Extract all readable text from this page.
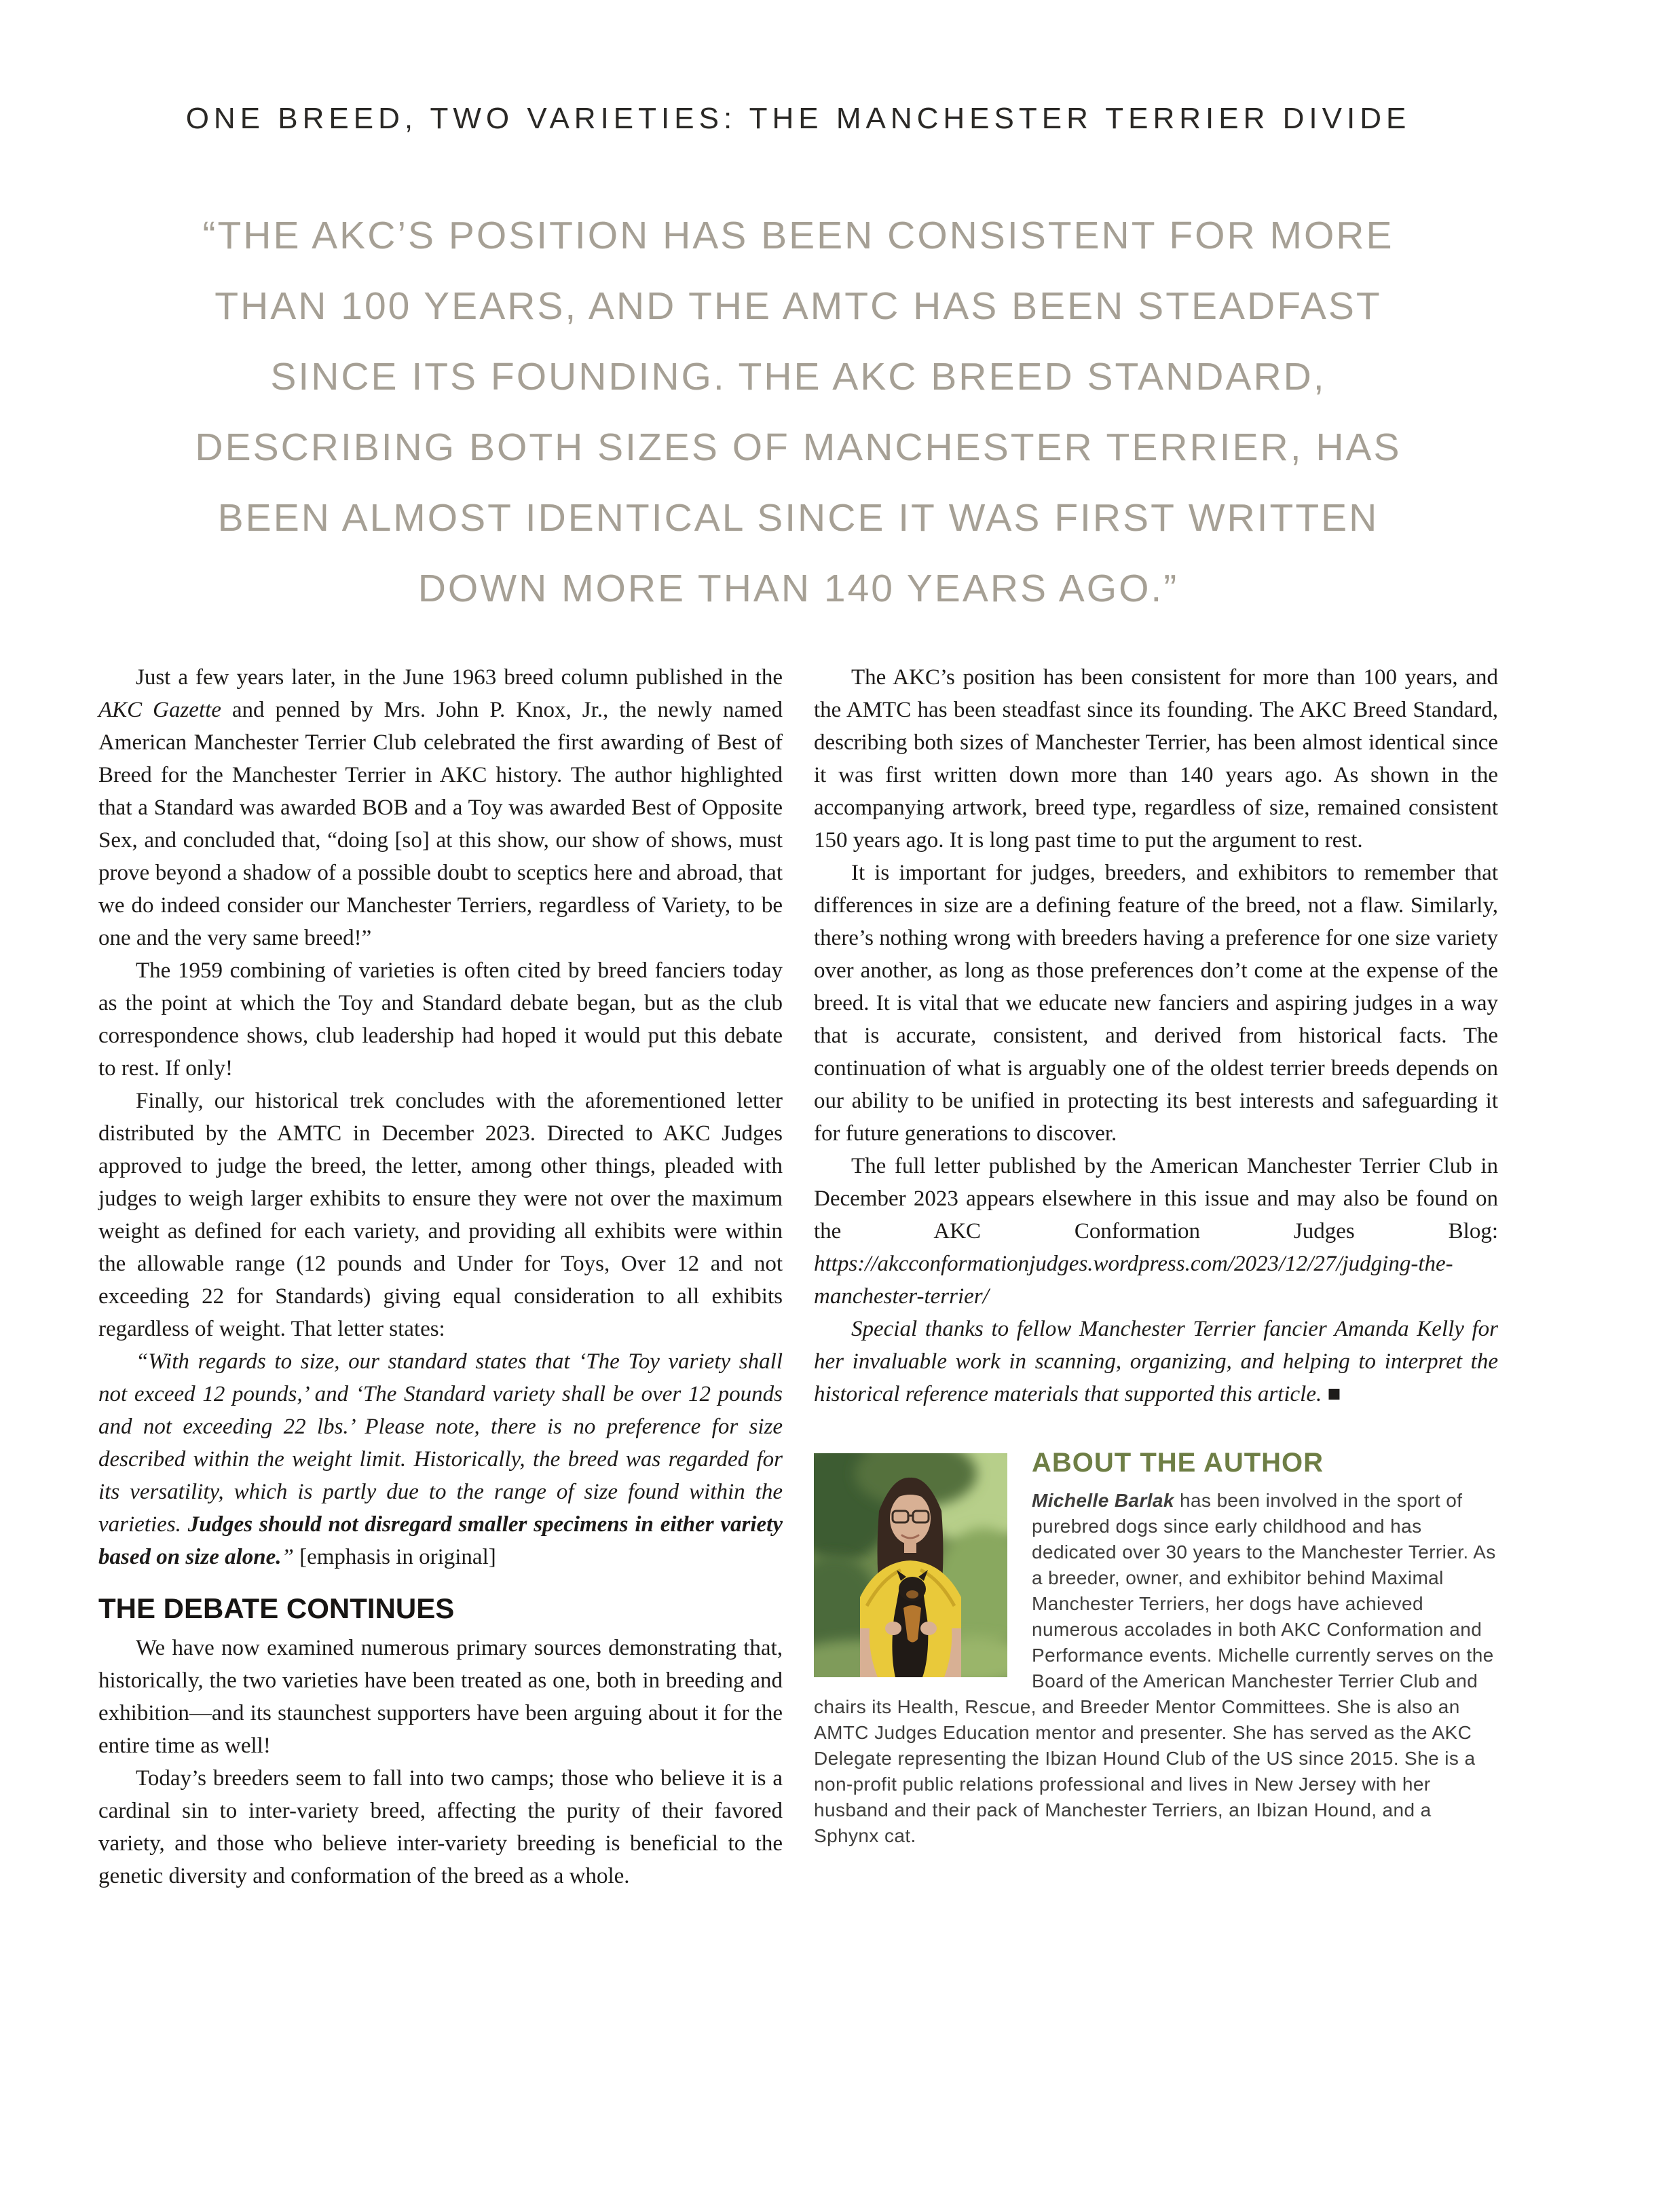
ONE BREED, TWO VARIETIES: THE MANCHESTER TERRIER DIVIDE
“THE AKC’S POSITION HAS BEEN CONSISTENT FOR MORE
THAN 100 YEARS, AND THE AMTC HAS BEEN STEADFAST
SINCE ITS FOUNDING. THE AKC BREED STANDARD,
DESCRIBING BOTH SIZES OF MANCHESTER TERRIER, HAS
BEEN ALMOST IDENTICAL SINCE IT WAS FIRST WRITTEN
DOWN MORE THAN 140 YEARS AGO.”

Just a few years later, in the June 1963 breed column published in the AKC Gazette and penned by Mrs. John P. Knox, Jr., the newly named American Manchester Terrier Club celebrated the first awarding of Best of Breed for the Manchester Terrier in AKC history. The author highlighted that a Standard was awarded BOB and a Toy was awarded Best of Opposite Sex, and concluded that, “doing [so] at this show, our show of shows, must prove beyond a shadow of a possible doubt to sceptics here and abroad, that we do indeed consider our Manchester Terriers, regardless of Variety, to be one and the very same breed!”

The 1959 combining of varieties is often cited by breed fanciers today as the point at which the Toy and Standard debate began, but as the club correspondence shows, club leadership had hoped it would put this debate to rest. If only!

Finally, our historical trek concludes with the aforementioned letter distributed by the AMTC in December 2023. Directed to AKC Judges approved to judge the breed, the letter, among other things, pleaded with judges to weigh larger exhibits to ensure they were not over the maximum weight as defined for each variety, and providing all exhibits were within the allowable range (12 pounds and Under for Toys, Over 12 and not exceeding 22 for Standards) giving equal consideration to all exhibits regardless of weight. That letter states:

“With regards to size, our standard states that ‘The Toy variety shall not exceed 12 pounds,’ and ‘The Standard variety shall be over 12 pounds and not exceeding 22 lbs.’ Please note, there is no preference for size described within the weight limit. Historically, the breed was regarded for its versatility, which is partly due to the range of size found within the varieties. Judges should not disregard smaller specimens in either variety based on size alone.” [emphasis in original]

THE DEBATE CONTINUES

We have now examined numerous primary sources demonstrating that, historically, the two varieties have been treated as one, both in breeding and exhibition—and its staunchest supporters have been arguing about it for the entire time as well!

Today’s breeders seem to fall into two camps; those who believe it is a cardinal sin to inter-variety breed, affecting the purity of their favored variety, and those who believe inter-variety breeding is beneficial to the genetic diversity and conformation of the breed as a whole.

The AKC’s position has been consistent for more than 100 years, and the AMTC has been steadfast since its founding. The AKC Breed Standard, describing both sizes of Manchester Terrier, has been almost identical since it was first written down more than 140 years ago. As shown in the accompanying artwork, breed type, regardless of size, remained consistent 150 years ago. It is long past time to put the argument to rest.

It is important for judges, breeders, and exhibitors to remember that differences in size are a defining feature of the breed, not a flaw. Similarly, there’s nothing wrong with breeders having a preference for one size variety over another, as long as those preferences don’t come at the expense of the breed. It is vital that we educate new fanciers and aspiring judges in a way that is accurate, consistent, and derived from historical facts. The continuation of what is arguably one of the oldest terrier breeds depends on our ability to be unified in protecting its best interests and safeguarding it for future generations to discover.

The full letter published by the American Manchester Terrier Club in December 2023 appears elsewhere in this issue and may also be found on the AKC Conformation Judges Blog: https://akcconformationjudges.wordpress.com/2023/12/27/judging-the-manchester-terrier/

Special thanks to fellow Manchester Terrier fancier Amanda Kelly for her invaluable work in scanning, organizing, and helping to interpret the historical reference materials that supported this article. ■

ABOUT THE AUTHOR

Michelle Barlak has been involved in the sport of purebred dogs since early childhood and has dedicated over 30 years to the Manchester Terrier. As a breeder, owner, and exhibitor behind Maximal Manchester Terriers, her dogs have achieved numerous accolades in both AKC Conformation and Performance events. Michelle currently serves on the Board of the American Manchester Terrier Club and chairs its Health, Rescue, and Breeder Mentor Committees. She is also an AMTC Judges Education mentor and presenter. She has served as the AKC Delegate representing the Ibizan Hound Club of the US since 2015. She is a non-profit public relations professional and lives in New Jersey with her husband and their pack of Manchester Terriers, an Ibizan Hound, and a Sphynx cat.
